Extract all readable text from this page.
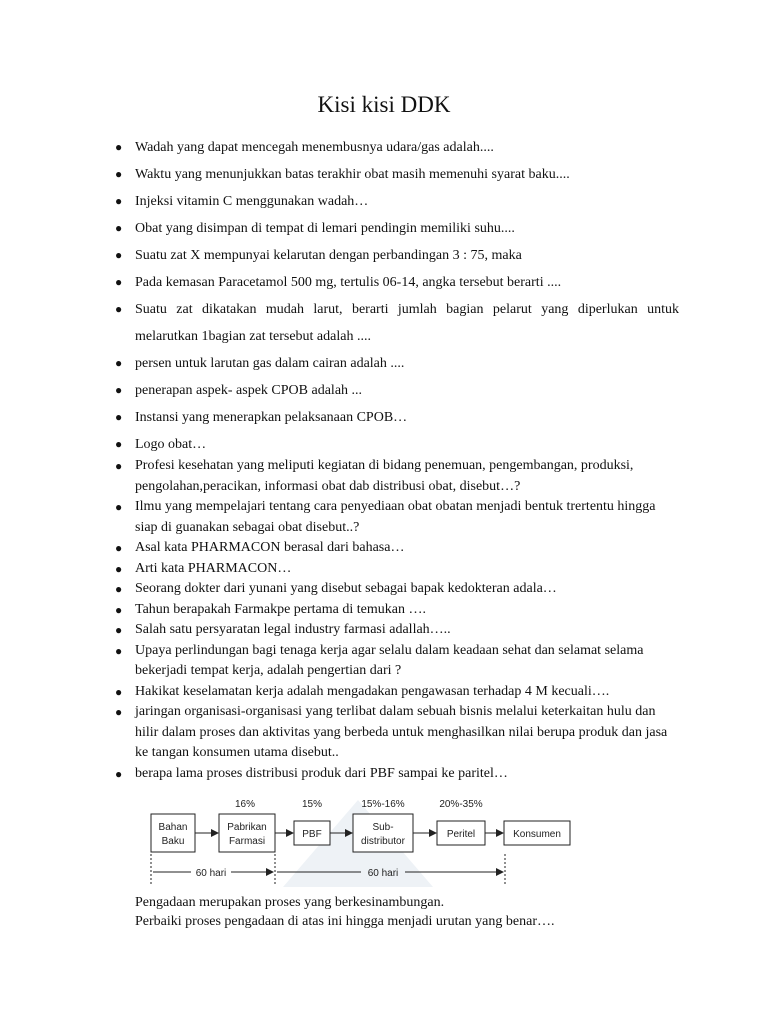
Kisi kisi DDK
● Wadah yang dapat mencegah menembusnya udara/gas adalah....
● Waktu yang menunjukkan batas terakhir obat masih memenuhi syarat baku....
● Injeksi vitamin C menggunakan wadah…
● Obat yang disimpan di tempat di lemari pendingin memiliki suhu....
● Suatu zat X mempunyai kelarutan dengan perbandingan 3 : 75, maka
● Pada kemasan Paracetamol 500 mg, tertulis 06-14, angka tersebut berarti ....
● Suatu zat dikatakan mudah larut, berarti jumlah bagian pelarut yang diperlukan untuk melarutkan 1bagian zat tersebut adalah ....
● persen untuk larutan gas dalam cairan adalah ....
● penerapan aspek- aspek CPOB adalah ...
● Instansi yang menerapkan pelaksanaan CPOB…
● Logo obat…
● Profesi kesehatan yang meliputi kegiatan di bidang penemuan, pengembangan, produksi, pengolahan,peracikan, informasi obat dab distribusi obat, disebut…?
● Ilmu yang mempelajari tentang cara penyediaan obat obatan menjadi bentuk trertentu hingga siap di guanakan sebagai obat disebut..?
● Asal kata PHARMACON berasal dari bahasa…
● Arti kata PHARMACON…
● Seorang dokter dari yunani yang disebut sebagai bapak kedokteran adala…
● Tahun berapakah Farmakpe pertama di temukan ….
● Salah satu persyaratan legal industry farmasi adallah…..
● Upaya perlindungan bagi tenaga kerja agar selalu dalam keadaan sehat dan selamat selama bekerjadi tempat kerja, adalah pengertian dari ?
● Hakikat keselamatan kerja adalah mengadakan pengawasan terhadap 4 M kecuali….
● jaringan organisasi-organisasi yang terlibat dalam sebuah bisnis melalui keterkaitan hulu dan hilir dalam proses dan aktivitas yang berbeda untuk menghasilkan nilai berupa produk dan jasa ke tangan konsumen utama disebut..
● berapa lama proses distribusi produk dari PBF sampai ke paritel…
16%	15%	15%-16%	20%-35%
Bahan
Baku
Pabrikan
Farmasi
PBF
Sub-
distributor
Peritel	Konsumen
60 hari	60 hari

Pengadaan merupakan proses yang berkesinambungan.

Perbaiki proses pengadaan di atas ini hingga menjadi urutan yang benar….
